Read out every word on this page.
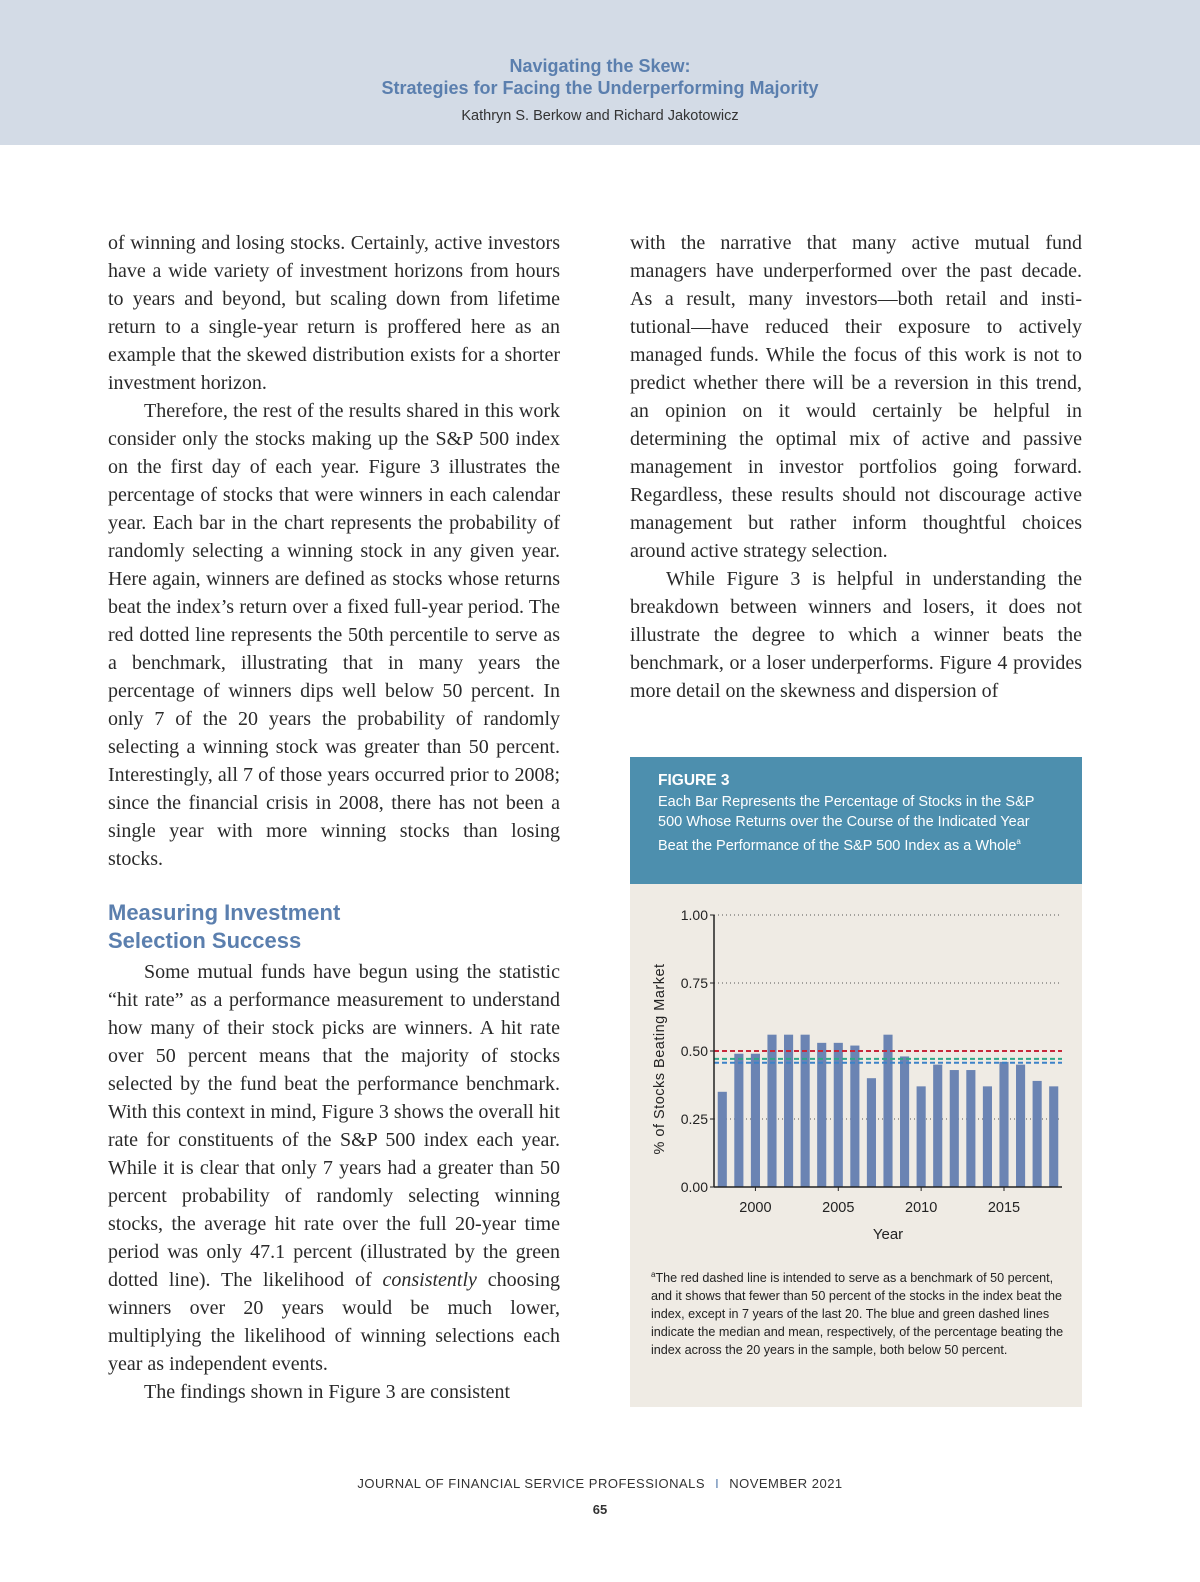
Navigating the Skew:
Strategies for Facing the Underperforming Majority
Kathryn S. Berkow and Richard Jakotowicz

of winning and losing stocks. Certainly, active investors have a wide variety of investment horizons from hours to years and beyond, but scaling down from lifetime return to a single-year return is proffered here as an example that the skewed distribution exists for a shorter investment horizon.

Therefore, the rest of the results shared in this work consider only the stocks making up the S&P 500 index on the first day of each year. Figure 3 illustrates the percentage of stocks that were winners in each calendar year. Each bar in the chart represents the probability of randomly selecting a winning stock in any given year. Here again, winners are defined as stocks whose returns beat the index’s return over a fixed full-year period. The red dotted line represents the 50th percentile to serve as a benchmark, illustrating that in many years the percentage of winners dips well below 50 percent. In only 7 of the 20 years the probability of randomly selecting a winning stock was greater than 50 percent. Interestingly, all 7 of those years occurred prior to 2008; since the financial crisis in 2008, there has not been a single year with more winning stocks than losing stocks.

Measuring Investment
Selection Success

Some mutual funds have begun using the statistic “hit rate” as a performance measurement to understand how many of their stock picks are winners. A hit rate over 50 percent means that the majority of stocks selected by the fund beat the performance benchmark. With this context in mind, Figure 3 shows the overall hit rate for constituents of the S&P 500 index each year. While it is clear that only 7 years had a greater than 50 percent probability of randomly selecting winning stocks, the average hit rate over the full 20-year time period was only 47.1 percent (illustrated by the green dotted line). The likelihood of consistently choosing winners over 20 years would be much lower, multiplying the likelihood of winning selections each year as independent events.

The findings shown in Figure 3 are consistent

with the narrative that many active mutual fund managers have underperformed over the past decade. As a result, many investors—both retail and institutional—have reduced their exposure to actively managed funds. While the focus of this work is not to predict whether there will be a reversion in this trend, an opinion on it would certainly be helpful in determining the optimal mix of active and passive management in investor portfolios going forward. Regardless, these results should not discourage active management but rather inform thoughtful choices around active strategy selection.

While Figure 3 is helpful in understanding the breakdown between winners and losers, it does not illustrate the degree to which a winner beats the benchmark, or a loser underperforms. Figure 4 provides more detail on the skewness and dispersion of

FIGURE 3
Each Bar Represents the Percentage of Stocks in the S&P 500 Whose Returns over the Course of the Indicated Year Beat the Performance of the S&P 500 Index as a Whole$^a$
% of Stocks Beating Market
Year
0.00
0.25
0.50
0.75
1.00
2000	2005	2010	2015
$^a$The red dashed line is intended to serve as a benchmark of 50 percent, and it shows that fewer than 50 percent of the stocks in the index beat the index, except in 7 years of the last 20. The blue and green dashed lines indicate the median and mean, respectively, of the percentage beating the index across the 20 years in the sample, both below 50 percent.
JOURNAL OF FINANCIAL SERVICE PROFESSIONALS I NOVEMBER 2021
65
